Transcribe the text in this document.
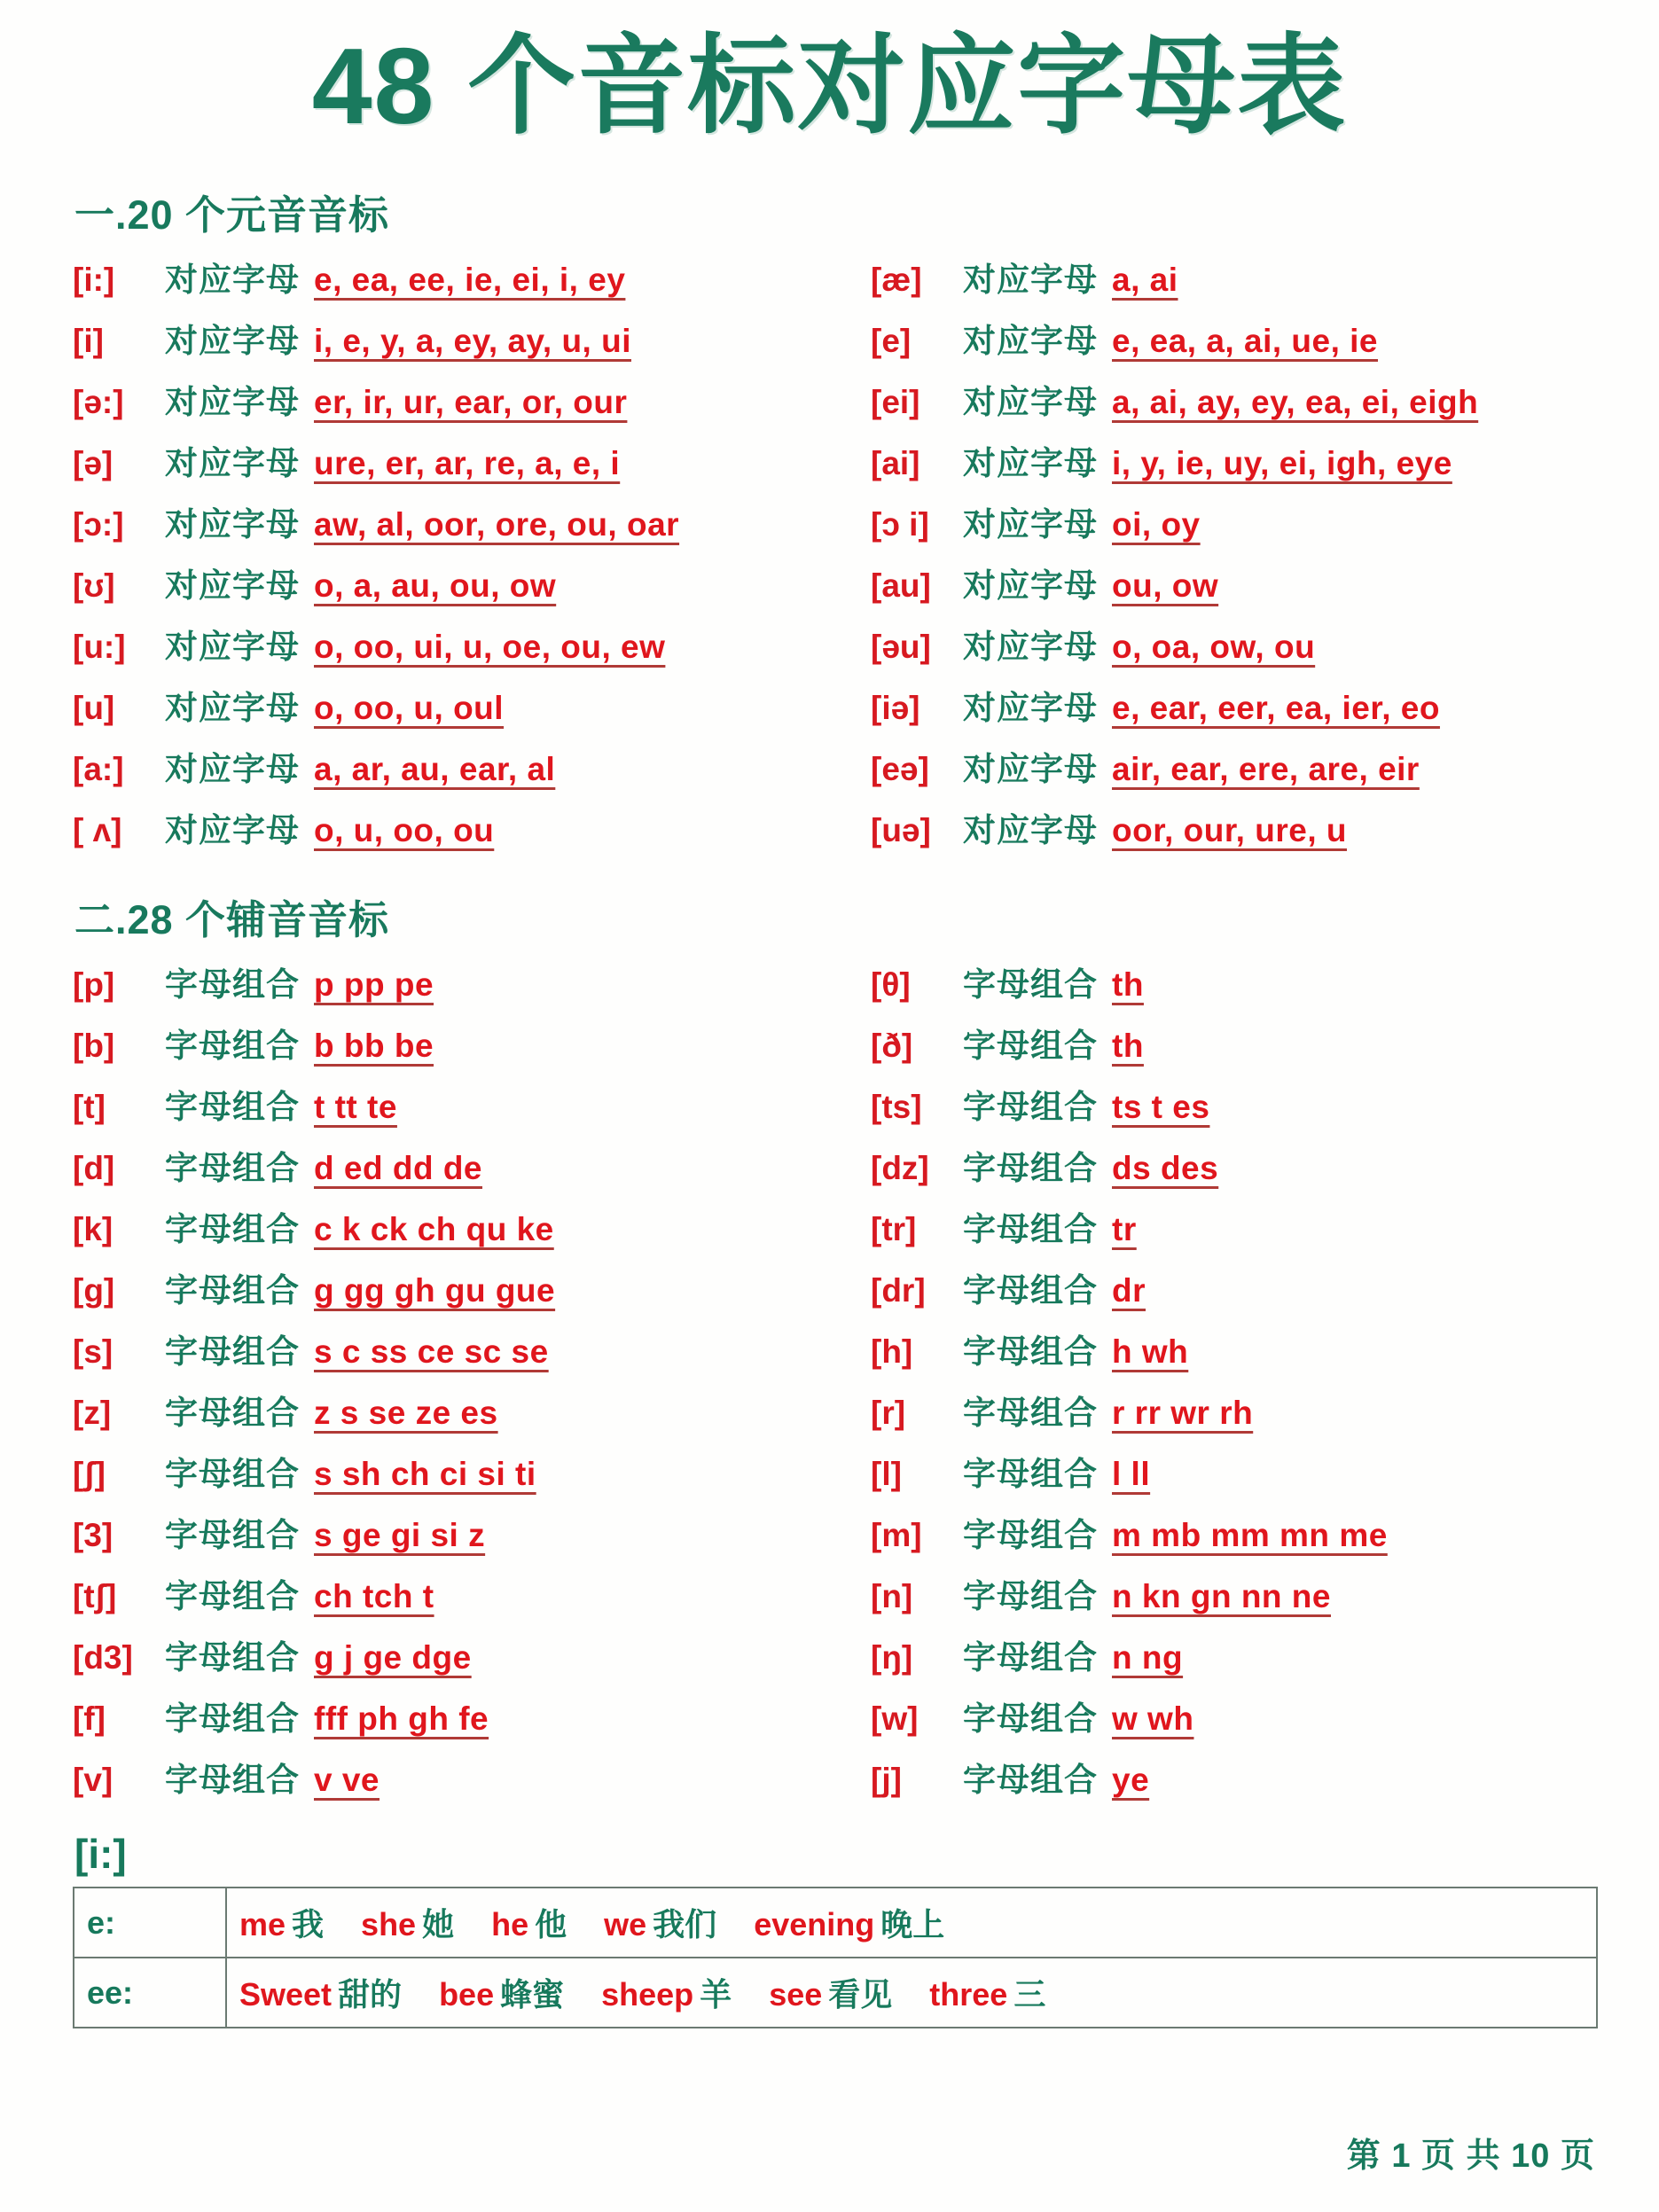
48 个音标对应字母表
一.20 个元音音标
[i:]	对应字母 e, ea, ee, ie, ei, i, ey
[i]	对应字母 i, e, y, a, ey, ay, u, ui
[ə:]	对应字母 er, ir, ur, ear, or, our
[ə]	对应字母 ure, er, ar, re, a, e, i
[ɔ:]	对应字母 aw, al, oor, ore, ou, oar
[ʊ]	对应字母 o, a, au, ou, ow
[u:]	对应字母 o, oo, ui, u, oe, ou, ew
[u]	对应字母 o, oo, u, oul
[a:]	对应字母 a, ar, au, ear, al
[ ʌ]	对应字母 o, u, oo, ou
[æ]	对应字母 a, ai
[e]	对应字母 e, ea, a, ai, ue, ie
[ei]	对应字母 a, ai, ay, ey, ea, ei, eigh
[ai]	对应字母 i, y, ie, uy, ei, igh, eye
[ɔ i]	对应字母 oi, oy
[au] 对应字母 ou, ow
[əu] 对应字母 o, oa, ow, ou
[iə]	对应字母 e, ear, eer, ea, ier, eo
[eə]	对应字母 air, ear, ere, are, eir
[uə] 对应字母 oor, our, ure, u
二.28 个辅音音标
[p]	字母组合 p pp pe
[b]	字母组合 b bb be
[t]	字母组合 t tt te
[d]	字母组合 d ed dd de
[k]	字母组合 c k ck ch qu ke
[g]	字母组合 g gg gh gu gue
[s]	字母组合 s c ss ce sc se
[z]	字母组合 z s se ze es
[ʃ]	字母组合 s sh ch ci si ti
[3]	字母组合 s ge gi si z
[tʃ]	字母组合 ch tch t
[d3] 字母组合 g j ge dge
[f]	字母组合 fff ph gh fe
[v]	字母组合 v ve
[θ]	字母组合 th
[ð]	字母组合 th
[ts]	字母组合 ts t es
[dz]	字母组合 ds des
[tr]	字母组合 tr
[dr]	字母组合 dr
[h]	字母组合 h wh
[r]	字母组合 r rr wr rh
[l]	字母组合 l ll
[m]	字母组合 m mb mm mn me
[n]	字母组合 n kn gn nn ne
[ŋ]	字母组合 n ng
[w]	字母组合 w wh
[j]	字母组合 ye
[i:]
e:	me 我 she 她 he 他 we 我们 evening 晚上
ee:	Sweet 甜的 bee 蜂蜜 sheep 羊 see 看见 three 三
第 1 页 共 10 页
